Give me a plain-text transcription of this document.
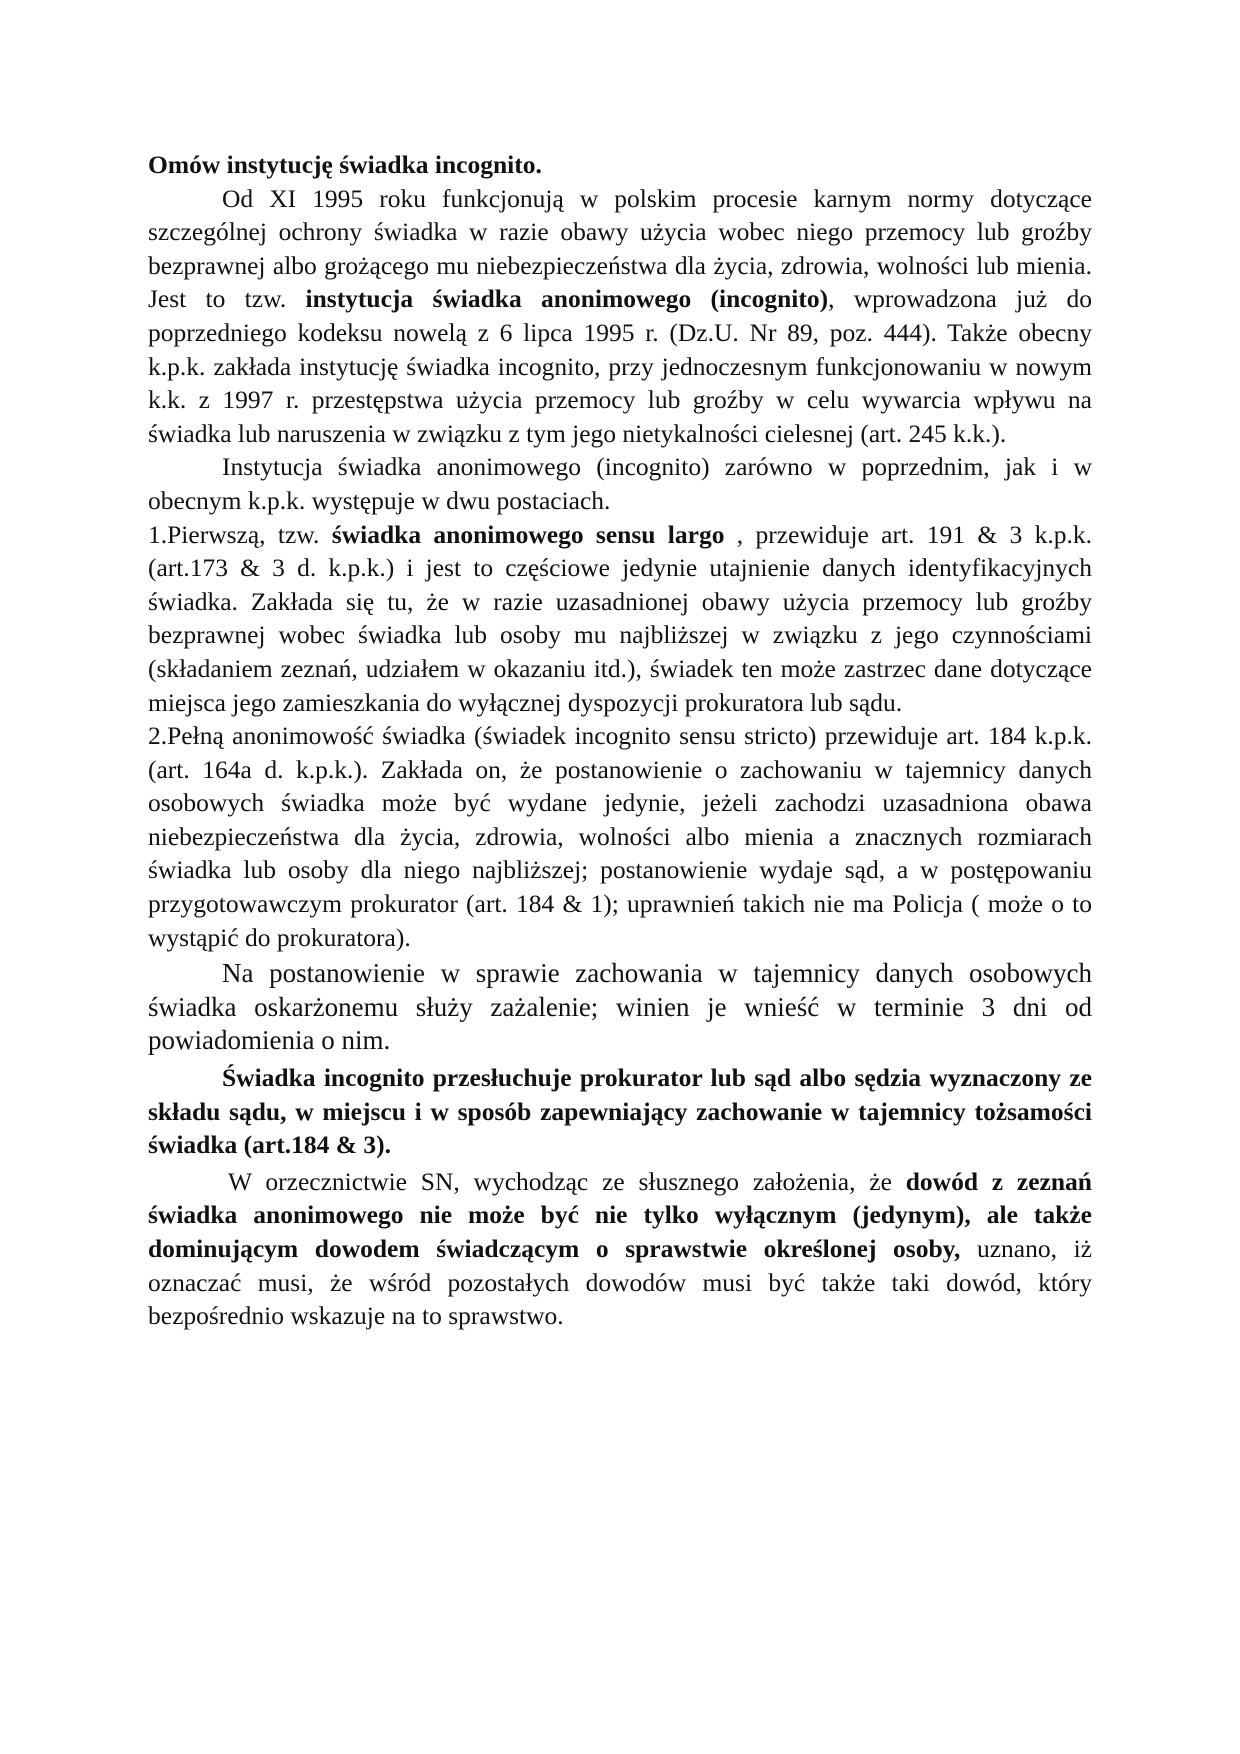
Omów instytucję świadka incognito.

Od XI 1995 roku funkcjonują w polskim procesie karnym normy dotyczące szczególnej ochrony świadka w razie obawy użycia wobec niego przemocy lub groźby bezprawnej albo grożącego mu niebezpieczeństwa dla życia, zdrowia, wolności lub mienia. Jest to tzw. instytucja świadka anonimowego (incognito), wprowadzona już do poprzedniego kodeksu nowelą z 6 lipca 1995 r. (Dz.U. Nr 89, poz. 444). Także obecny k.p.k. zakłada instytucję świadka incognito, przy jednoczesnym funkcjonowaniu w nowym k.k. z 1997 r. przestępstwa użycia przemocy lub groźby w celu wywarcia wpływu na świadka lub naruszenia w związku z tym jego nietykalności cielesnej (art. 245 k.k.).

Instytucja świadka anonimowego (incognito) zarówno w poprzednim, jak i w obecnym k.p.k. występuje w dwu postaciach.

1.Pierwszą, tzw. świadka anonimowego sensu largo , przewiduje art. 191 & 3 k.p.k. (art.173 & 3 d. k.p.k.) i jest to częściowe jedynie utajnienie danych identyfikacyjnych świadka. Zakłada się tu, że w razie uzasadnionej obawy użycia przemocy lub groźby bezprawnej wobec świadka lub osoby mu najbliższej w związku z jego czynnościami (składaniem zeznań, udziałem w okazaniu itd.), świadek ten może zastrzec dane dotyczące miejsca jego zamieszkania do wyłącznej dyspozycji prokuratora lub sądu.

2.Pełną anonimowość świadka (świadek incognito sensu stricto) przewiduje art. 184 k.p.k. (art. 164a d. k.p.k.). Zakłada on, że postanowienie o zachowaniu w tajemnicy danych osobowych świadka może być wydane jedynie, jeżeli zachodzi uzasadniona obawa niebezpieczeństwa dla życia, zdrowia, wolności albo mienia a znacznych rozmiarach świadka lub osoby dla niego najbliższej; postanowienie wydaje sąd, a w postępowaniu przygotowawczym prokurator (art. 184 & 1); uprawnień takich nie ma Policja ( może o to wystąpić do prokuratora).

Na postanowienie w sprawie zachowania w tajemnicy danych osobowych świadka oskarżonemu służy zażalenie; winien je wnieść w terminie 3 dni od powiadomienia o nim.

Świadka incognito przesłuchuje prokurator lub sąd albo sędzia wyznaczony ze składu sądu, w miejscu i w sposób zapewniający zachowanie w tajemnicy tożsamości świadka (art.184 & 3).

W orzecznictwie SN, wychodząc ze słusznego założenia, że dowód z zeznań świadka anonimowego nie może być nie tylko wyłącznym (jedynym), ale także dominującym dowodem świadczącym o sprawstwie określonej osoby, uznano, iż oznaczać musi, że wśród pozostałych dowodów musi być także taki dowód, który bezpośrednio wskazuje na to sprawstwo.
